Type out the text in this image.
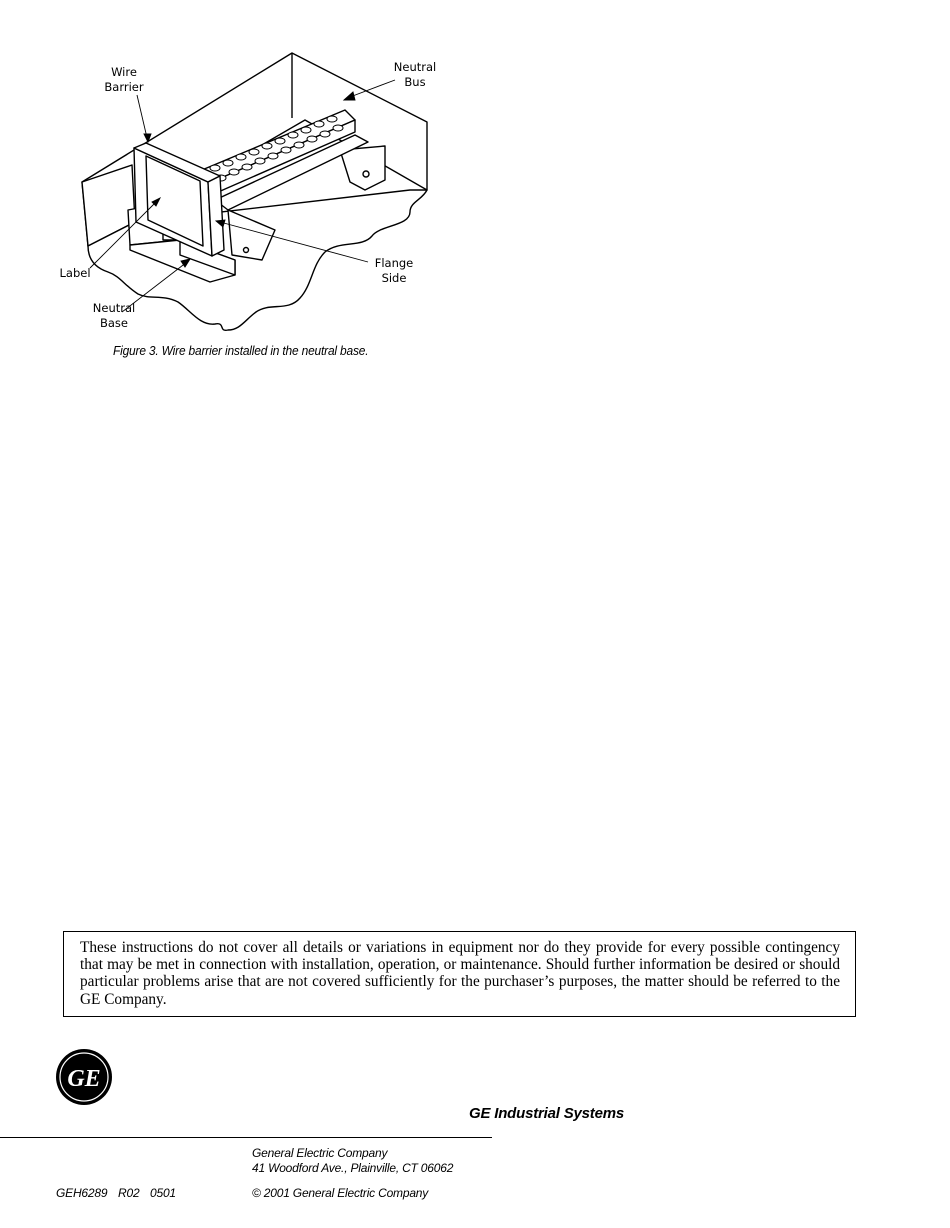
Wire
Barrier
Neutral
Bus
Label
Flange
Side
Neutral
Base
Figure 3. Wire barrier installed in the neutral base.
These instructions do not cover all details or variations in equipment nor do they provide for every possible contingency that may be met in connection with installation, operation, or maintenance. Should further information be desired or should particular problems arise that are not covered sufficiently for the purchaser’s purposes, the matter should be referred to the GE Company.
GE
GE Industrial Systems
General Electric Company
41 Woodford Ave., Plainville, CT 06062
GEH6289 R02 0501	© 2001 General Electric Company
